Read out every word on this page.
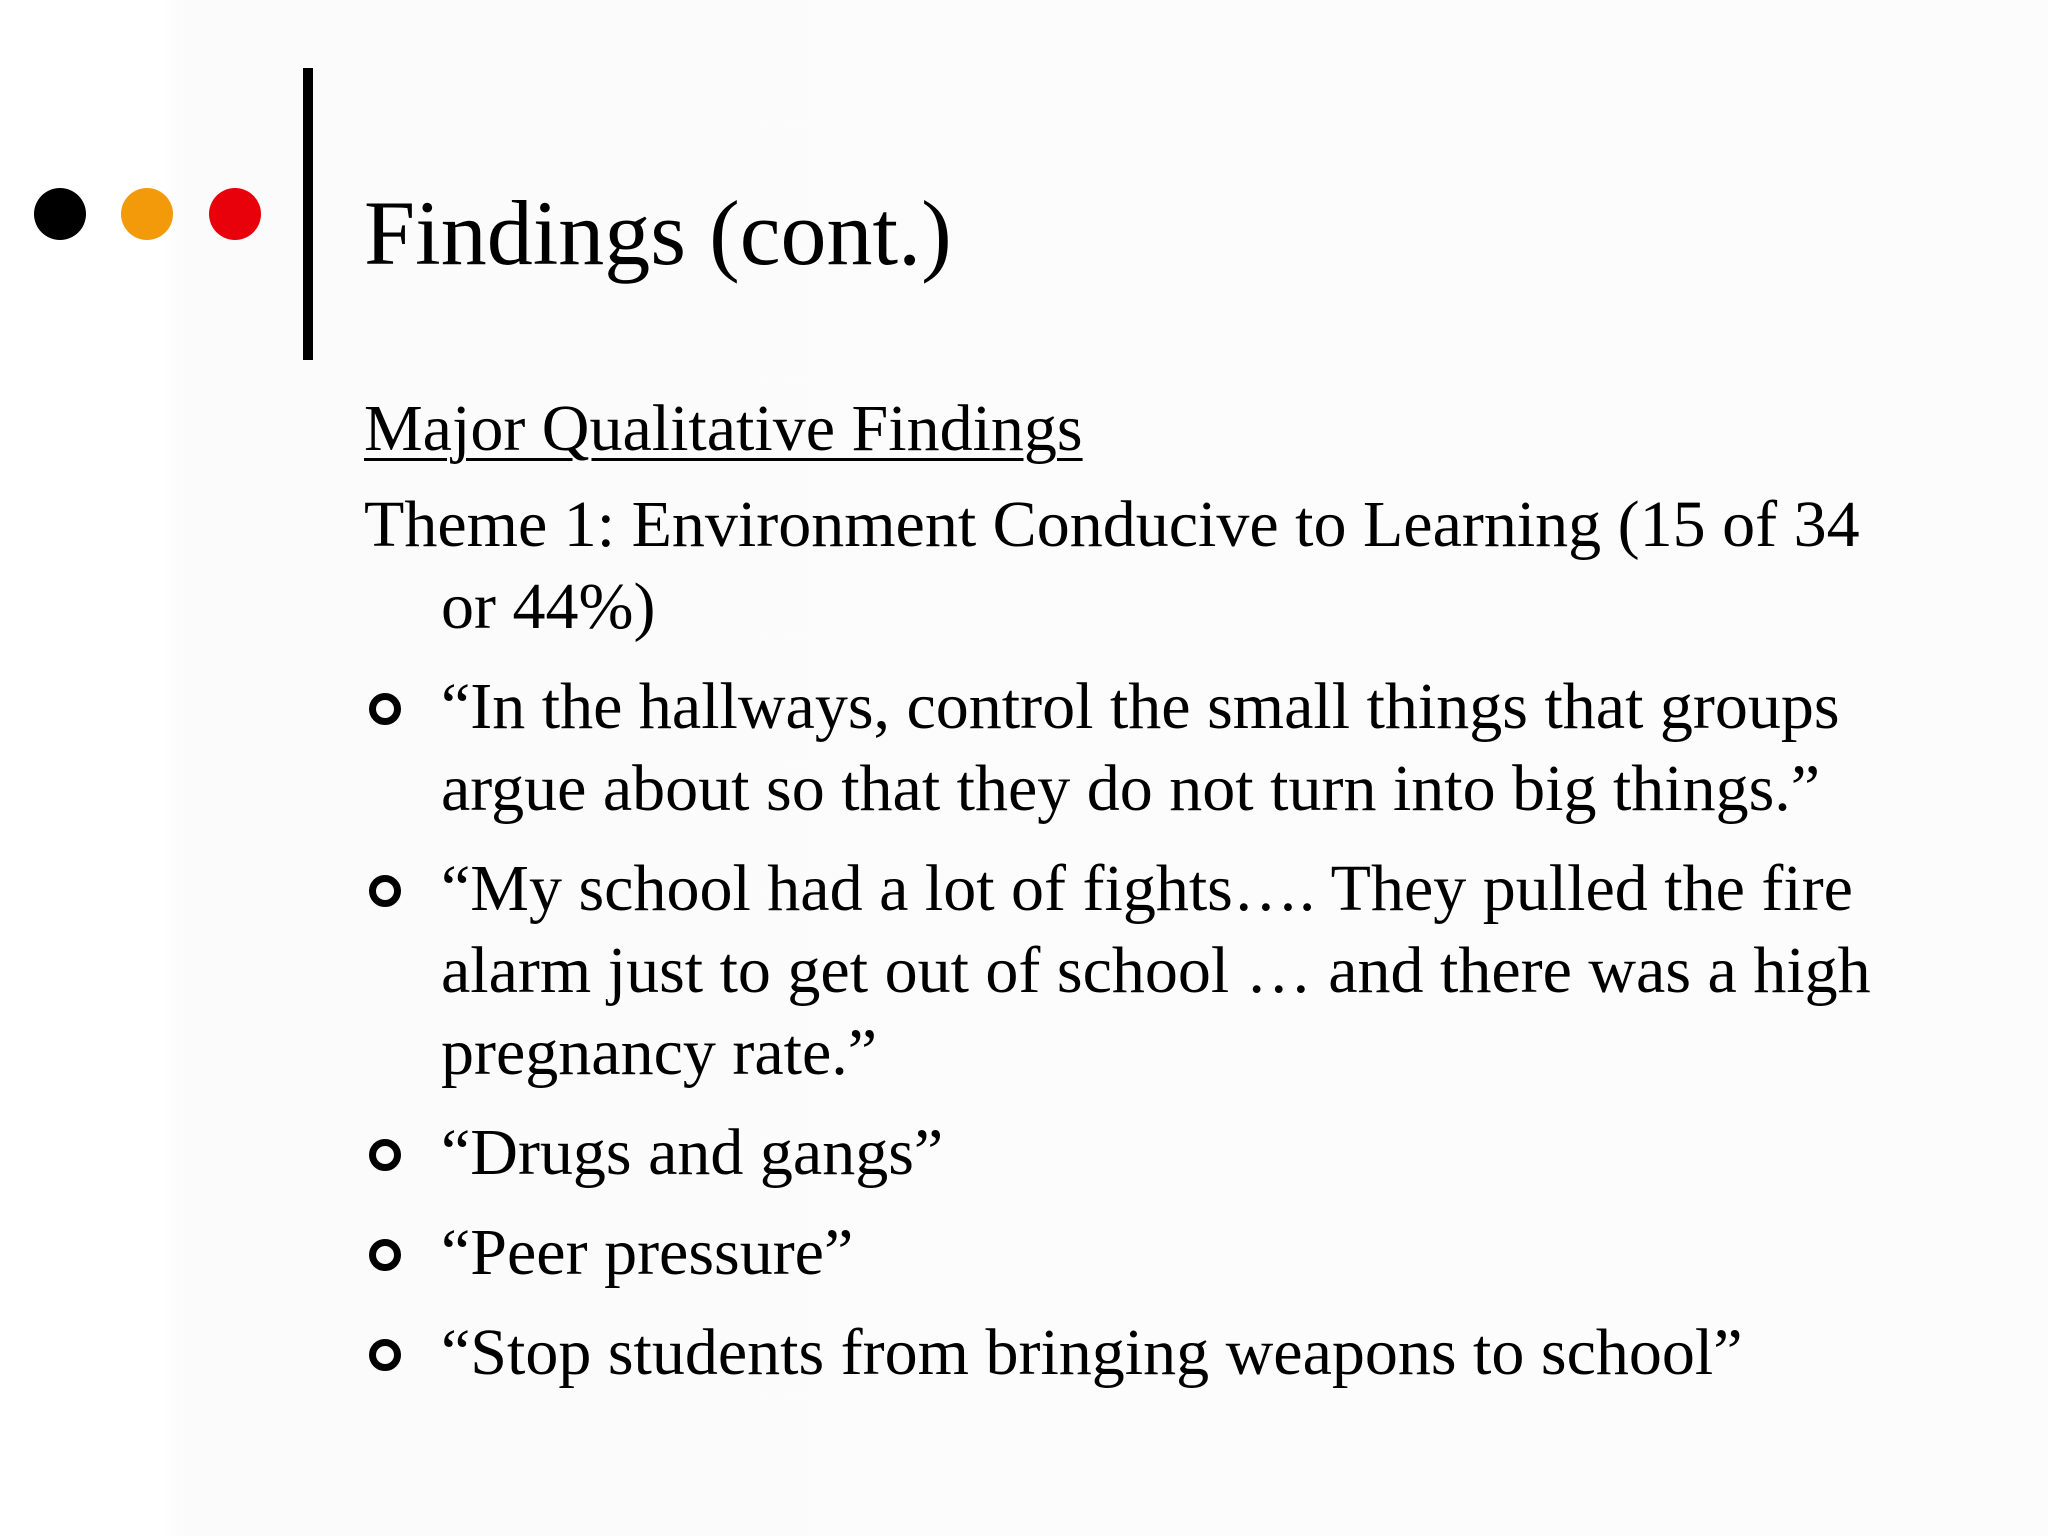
Findings (cont.)
Major Qualitative Findings
Theme 1: Environment Conducive to Learning (15 of 34 or 44%)
“In the hallways, control the small things that groups argue about so that they do not turn into big things.”
“My school had a lot of fights…. They pulled the fire alarm just to get out of school … and there was a high pregnancy rate.”
“Drugs and gangs”
“Peer pressure”
“Stop students from bringing weapons to school”
